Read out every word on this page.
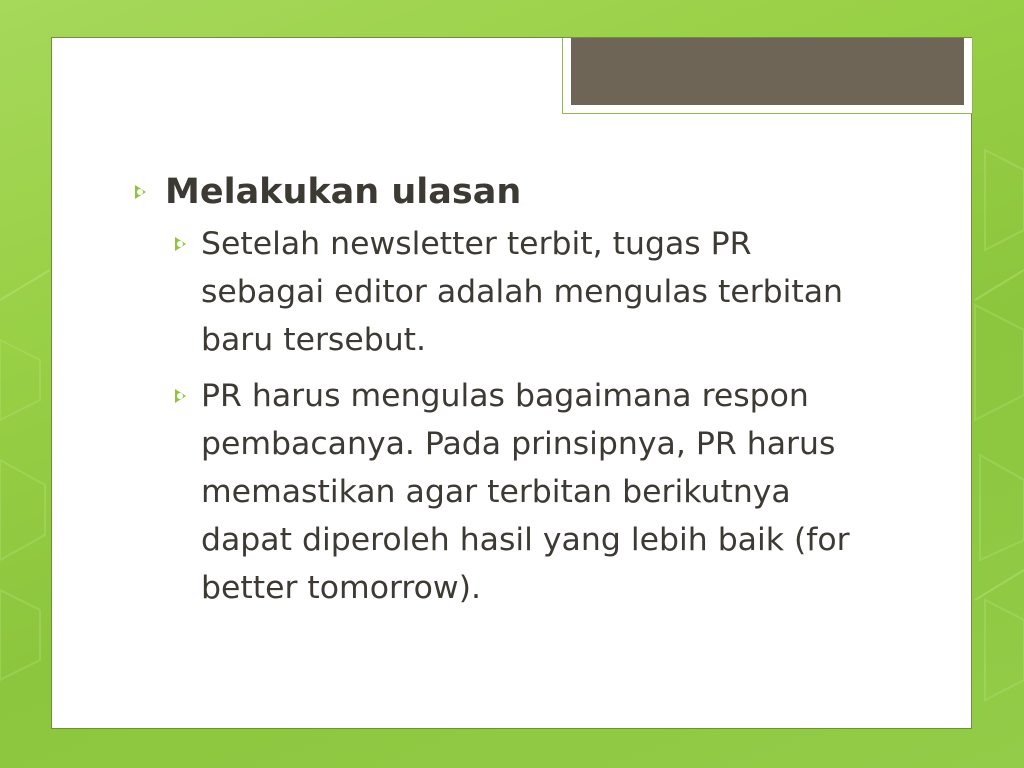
Melakukan ulasan
Setelah newsletter terbit, tugas PR sebagai editor adalah mengulas terbitan baru tersebut.
PR harus mengulas bagaimana respon pembacanya. Pada prinsipnya, PR harus memastikan agar terbitan berikutnya dapat diperoleh hasil yang lebih baik (for better tomorrow).
